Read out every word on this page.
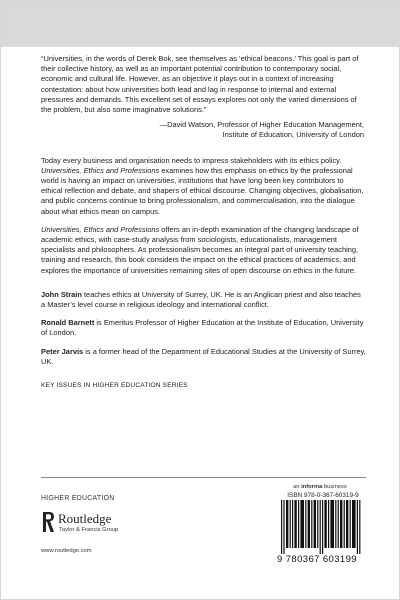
“Universities, in the words of Derek Bok, see themselves as ‘ethical beacons.’ This goal is part of their collective history, as well as an important potential contribution to contemporary social, economic and cultural life. However, as an objective it plays out in a context of increasing contestation: about how universities both lead and lag in response to internal and external pressures and demands. This excellent set of essays explores not only the varied dimensions of the problem, but also some imaginative solutions.”

—David Watson, Professor of Higher Education Management,
Institute of Education, University of London

Today every business and organisation needs to impress stakeholders with its ethics policy. Universities, Ethics and Professions examines how this emphasis on ethics by the professional world is having an impact on universities, institutions that have long been key contributors to ethical reflection and debate, and shapers of ethical discourse. Changing objectives, globalisation, and public concerns continue to bring professionalism, and commercialisation, into the dialogue about what ethics mean on campus.

Universities, Ethics and Professions offers an in-depth examination of the changing landscape of academic ethics, with case-study analysis from sociologists, educationalists, management specialists and philosophers. As professionalism becomes an integral part of university teaching, training and research, this book considers the impact on the ethical practices of academics, and explores the importance of universities remaining sites of open discourse on ethics in the future.

John Strain teaches ethics at University of Surrey, UK. He is an Anglican priest and also teaches a Master’s level course in religious ideology and international conflict.

Ronald Barnett is Emeritus Professor of Higher Education at the Institute of Education, University of London.

Peter Jarvis is a former head of the Department of Educational Studies at the University of Surrey, UK.

KEY ISSUES IN HIGHER EDUCATION SERIES

HIGHER EDUCATION
Routledge
Taylor & Francis Group
www.routledge.com
an informa business
ISBN 978-0-367-60319-9
9 780367 603199
